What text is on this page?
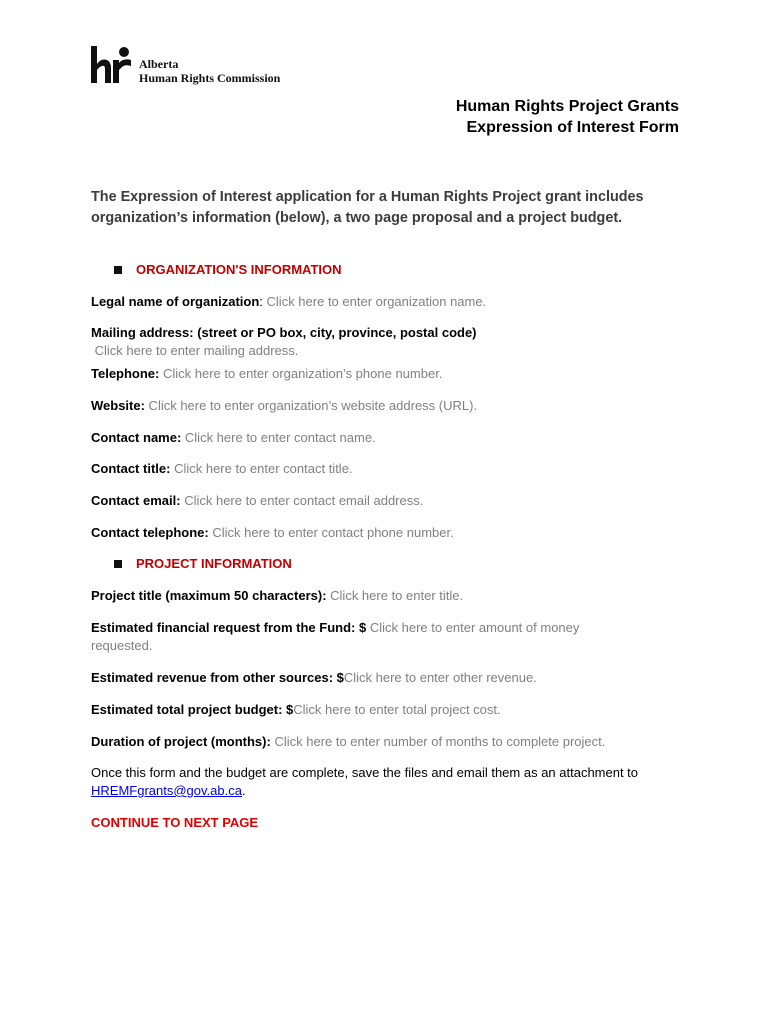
Alberta
Human Rights Commission
Human Rights Project Grants
Expression of Interest Form
The Expression of Interest application for a Human Rights Project grant includes organization’s information (below), a two page proposal and a project budget.
ORGANIZATION'S INFORMATION
Legal name of organization: Click here to enter organization name.
Mailing address: (street or PO box, city, province, postal code)
Click here to enter mailing address.
Telephone: Click here to enter organization’s phone number.
Website: Click here to enter organization’s website address (URL).
Contact name: Click here to enter contact name.
Contact title: Click here to enter contact title.
Contact email: Click here to enter contact email address.
Contact telephone: Click here to enter contact phone number.
PROJECT INFORMATION
Project title (maximum 50 characters): Click here to enter title.
Estimated financial request from the Fund: $ Click here to enter amount of money requested.
Estimated revenue from other sources: $Click here to enter other revenue.
Estimated total project budget: $Click here to enter total project cost.
Duration of project (months): Click here to enter number of months to complete project.
Once this form and the budget are complete, save the files and email them as an attachment to HREMFgrants@gov.ab.ca.
CONTINUE TO NEXT PAGE
